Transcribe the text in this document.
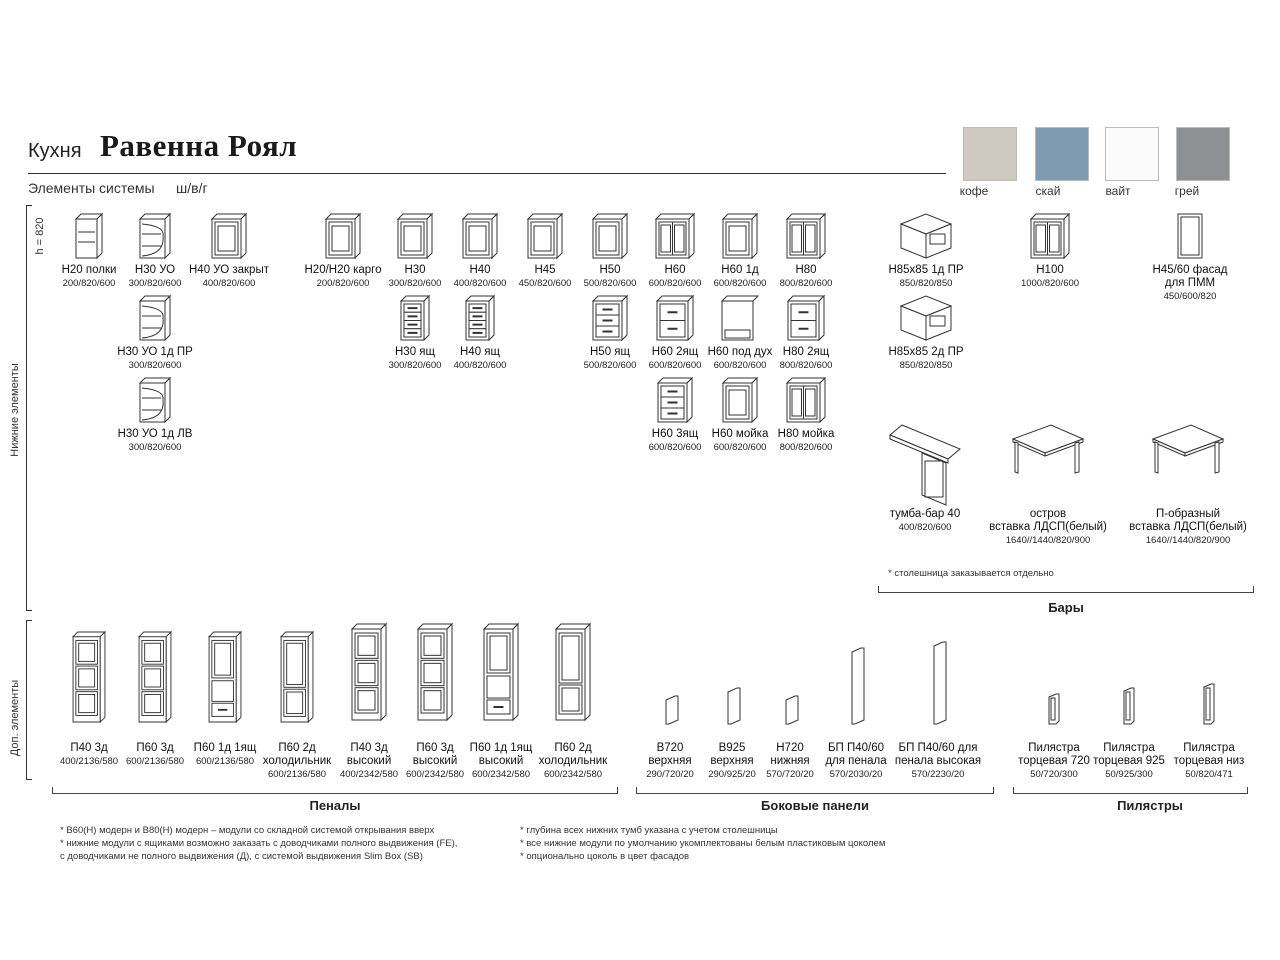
Кухня Равенна Роял
Элементы системы ш/в/г	кофе	скай	вайт	грей
h = 820
Нижние элементы
Доп. элементы
Н20 полки
200/820/600
Н30 УО
300/820/600
Н40 УО закрыт
400/820/600
Н20/Н20 карго
200/820/600
Н30
300/820/600
Н40
400/820/600
Н45
450/820/600
Н50
500/820/600
Н60
600/820/600
Н60 1д
600/820/600
Н80
800/820/600
Н30 УО 1д ПР
300/820/600
Н30 ящ
300/820/600
Н40 ящ
400/820/600
Н50 ящ
500/820/600
Н60 2ящ
600/820/600
Н60 под дух
600/820/600
Н80 2ящ
800/820/600
Н30 УО 1д ЛВ
300/820/600
Н60 3ящ
600/820/600
Н60 мойка
600/820/600
Н80 мойка
800/820/600
Н85х85 1д ПР
850/820/850
Н85х85 2д ПР
850/820/850
Н100
1000/820/600
Н45/60 фасад
для ПММ
450/600/820
тумба-бар 40
400/820/600
остров
вставка ЛДСП(белый)
1640//1440/820/900
П-образный
вставка ЛДСП(белый)
1640//1440/820/900
П40 3д
400/2136/580
П60 3д
600/2136/580
П60 1д 1ящ
600/2136/580
П60 2д
холодильник
600/2136/580
П40 3д
высокий
400/2342/580
П60 3д
высокий
600/2342/580
П60 1д 1ящ
высокий
600/2342/580
П60 2д
холодильник
600/2342/580
В720
верхняя
290/720/20
В925
верхняя
290/925/20
Н720
нижняя
570/720/20
БП П40/60
для пенала
570/2030/20
БП П40/60 для
пенала высокая
570/2230/20
Пилястра
торцевая 720
50/720/300
Пилястра
торцевая 925
50/925/300
Пилястра
торцевая низ
50/820/471
* столешница заказывается отдельно
Бары
Пеналы	Боковые панели	Пилястры
* В60(Н) модерн и В80(Н) модерн – модули со складной системой открывания вверх
* нижние модули с ящиками возможно заказать с доводчиками полного выдвижения (FE),
с доводчиками не полного выдвижения (Д), с системой выдвижения Slim Box (SB)
* глубина всех нижних тумб указана с учетом столешницы
* все нижние модули по умолчанию укомплектованы белым пластиковым цоколем
* опционально цоколь в цвет фасадов
